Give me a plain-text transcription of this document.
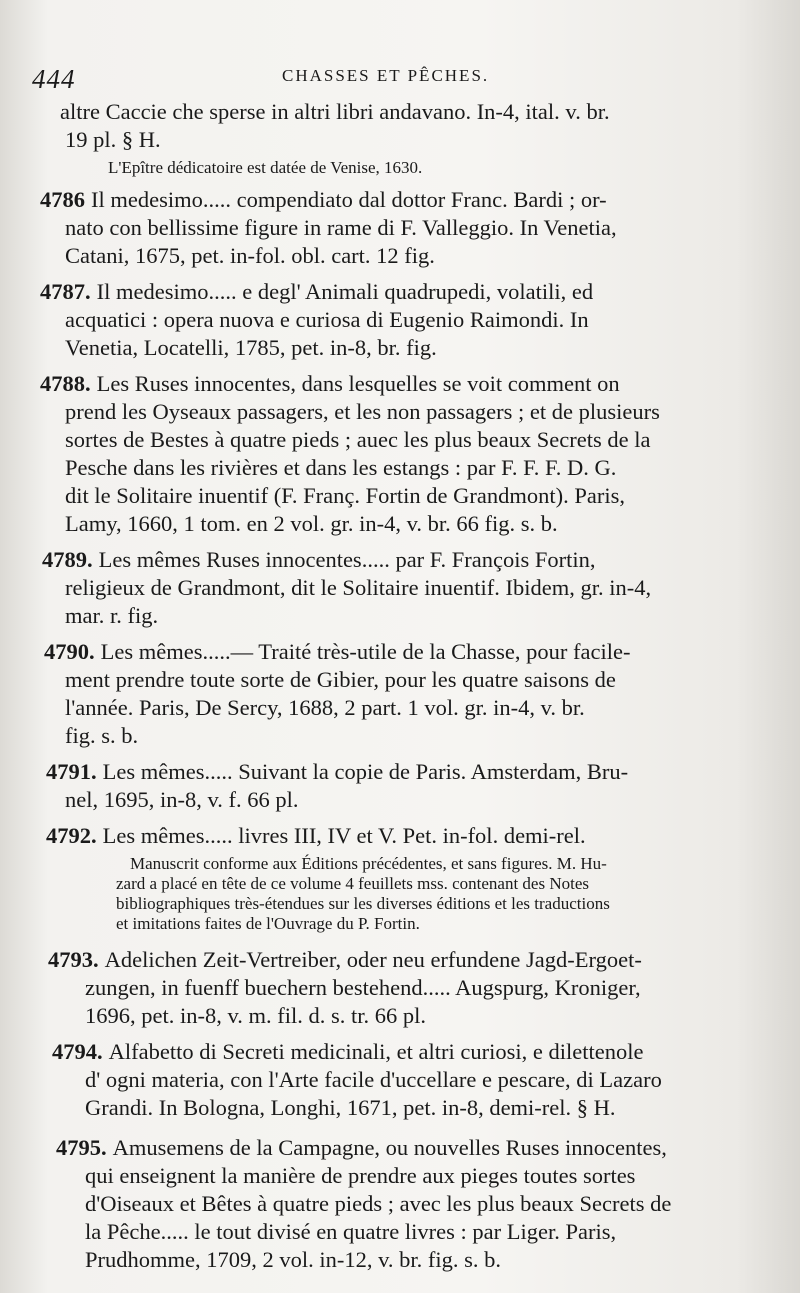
444	CHASSES ET PÊCHES.
altre Caccie che sperse in altri libri andavano. In-4, ital. v. br.
19 pl. § H.
L'Epître dédicatoire est datée de Venise, 1630.
4786 Il medesimo..... compendiato dal dottor Franc. Bardi ; or-
nato con bellissime figure in rame di F. Valleggio. In Venetia,
Catani, 1675, pet. in-fol. obl. cart. 12 fig.
4787. Il medesimo..... e degl' Animali quadrupedi, volatili, ed
acquatici : opera nuova e curiosa di Eugenio Raimondi. In
Venetia, Locatelli, 1785, pet. in-8, br. fig.
4788. Les Ruses innocentes, dans lesquelles se voit comment on
prend les Oyseaux passagers, et les non passagers ; et de plusieurs
sortes de Bestes à quatre pieds ; auec les plus beaux Secrets de la
Pesche dans les rivières et dans les estangs : par F. F. F. D. G.
dit le Solitaire inuentif (F. Franç. Fortin de Grandmont). Paris,
Lamy, 1660, 1 tom. en 2 vol. gr. in-4, v. br. 66 fig. s. b.
4789. Les mêmes Ruses innocentes..... par F. François Fortin,
religieux de Grandmont, dit le Solitaire inuentif. Ibidem, gr. in-4,
mar. r. fig.
4790. Les mêmes.....— Traité très-utile de la Chasse, pour facile-
ment prendre toute sorte de Gibier, pour les quatre saisons de
l'année. Paris, De Sercy, 1688, 2 part. 1 vol. gr. in-4, v. br.
fig. s. b.
4791. Les mêmes..... Suivant la copie de Paris. Amsterdam, Bru-
nel, 1695, in-8, v. f. 66 pl.
4792. Les mêmes..... livres III, IV et V. Pet. in-fol. demi-rel.
Manuscrit conforme aux Éditions précédentes, et sans figures. M. Hu-
zard a placé en tête de ce volume 4 feuillets mss. contenant des Notes
bibliographiques très-étendues sur les diverses éditions et les traductions
et imitations faites de l'Ouvrage du P. Fortin.
4793. Adelichen Zeit-Vertreiber, oder neu erfundene Jagd-Ergoet-
zungen, in fuenff buechern bestehend..... Augspurg, Kroniger,
1696, pet. in-8, v. m. fil. d. s. tr. 66 pl.
4794. Alfabetto di Secreti medicinali, et altri curiosi, e dilettenole
d' ogni materia, con l'Arte facile d'uccellare e pescare, di Lazaro
Grandi. In Bologna, Longhi, 1671, pet. in-8, demi-rel. § H.
4795. Amusemens de la Campagne, ou nouvelles Ruses innocentes,
qui enseignent la manière de prendre aux pieges toutes sortes
d'Oiseaux et Bêtes à quatre pieds ; avec les plus beaux Secrets de
la Pêche..... le tout divisé en quatre livres : par Liger. Paris,
Prudhomme, 1709, 2 vol. in-12, v. br. fig. s. b.
